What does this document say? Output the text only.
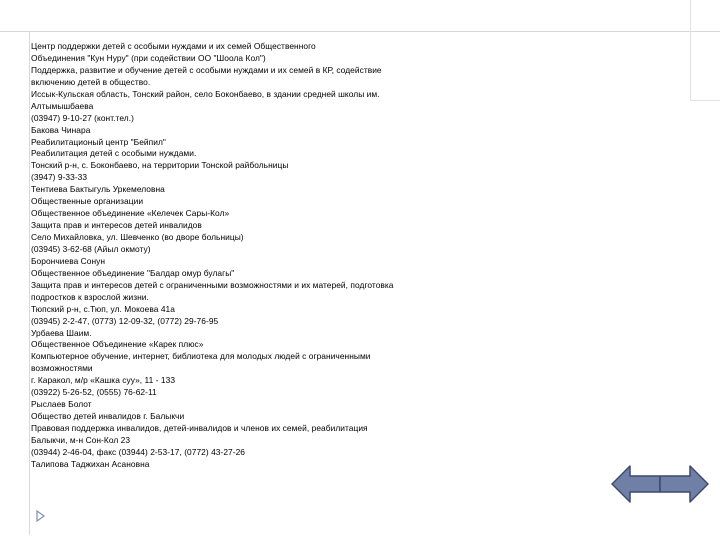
Центр поддержки детей с особыми нуждами и их семей Общественного
Объединения "Кун Нуру" (при содействии ОО "Шоола Кол")
Поддержка, развитие и обучение детей с особыми нуждами и их семей в КР, содействие
включению детей в общество.
Иссык-Кульская область, Тонский район, село Боконбаево, в здании средней школы им.
Алтымышбаева
(03947) 9-10-27 (конт.тел.)
Бакова Чинара
Реабилитационый центр "Бейпил"
Реабилитация детей с особыми нуждами.
Тонский р-н, с. Боконбаево, на территории Тонской райбольницы
(3947) 9-33-33
Тентиева Бактыгуль Уркемеловна
Общественные организации
Общественное объединение «Келечек Сары-Кол»
Защита прав и интересов детей инвалидов
Село Михайловка, ул. Шевченко (во дворе больницы)
(03945) 3-62-68 (Айыл окмоту)
Борончиева Сонун
Общественное объединение "Балдар омур булагы"
Защита прав и интересов детей с ограниченными возможностями и их матерей, подготовка
подростков к взрослой жизни.
Тюпский р-н, с.Тюп, ул. Мокоева 41а
(03945) 2-2-47, (0773) 12-09-32, (0772) 29-76-95
Урбаева Шаим.
Общественное Объединение «Карек плюс»
Компьютерное обучение, интернет, библиотека для молодых людей с ограниченными
возможностями
г. Каракол, м/р «Кашка суу», 11 - 133
(03922) 5-26-52, (0555) 76-62-11
Рыслаев Болот
Общество детей инвалидов г. Балыкчи
Правовая поддержка инвалидов, детей-инвалидов и членов их семей, реабилитация
Балыкчи, м-н Сон-Кол 23
(03944) 2-46-04, факс (03944) 2-53-17, (0772) 43-27-26
Талипова Таджихан Асановна
